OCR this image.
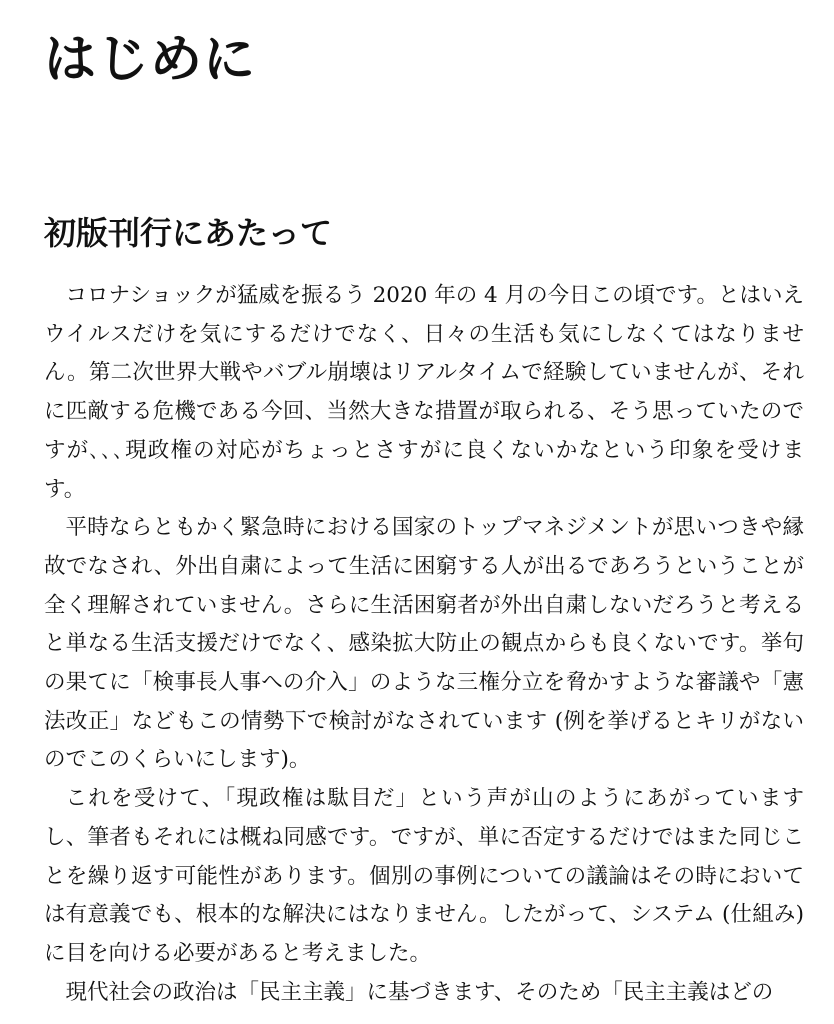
はじめに
初版刊行にあたって

コロナショックが猛威を振るう 2020 年の 4 月の今日この頃です。とはいえウイルスだけを気にするだけでなく、日々の生活も気にしなくてはなりません。第二次世界大戦やバブル崩壊はリアルタイムで経験していませんが、それに匹敵する危機である今回、当然大きな措置が取られる、そう思っていたのですが､､､現政権の対応がちょっとさすがに良くないかなという印象を受けます。

平時ならともかく緊急時における国家のトップマネジメントが思いつきや縁故でなされ、外出自粛によって生活に困窮する人が出るであろうということが全く理解されていません。さらに生活困窮者が外出自粛しないだろうと考えると単なる生活支援だけでなく、感染拡大防止の観点からも良くないです。挙句の果てに「検事長人事への介入」のような三権分立を脅かすような審議や「憲法改正」などもこの情勢下で検討がなされています (例を挙げるとキリがないのでこのくらいにします)。

これを受けて、「現政権は駄目だ」という声が山のようにあがっていますし、筆者もそれには概ね同感です。ですが、単に否定するだけではまた同じことを繰り返す可能性があります。個別の事例についての議論はその時においては有意義でも、根本的な解決にはなりません。したがって、システム (仕組み) に目を向ける必要があると考えました。

現代社会の政治は「民主主義」に基づきます、そのため「民主主義はどの
